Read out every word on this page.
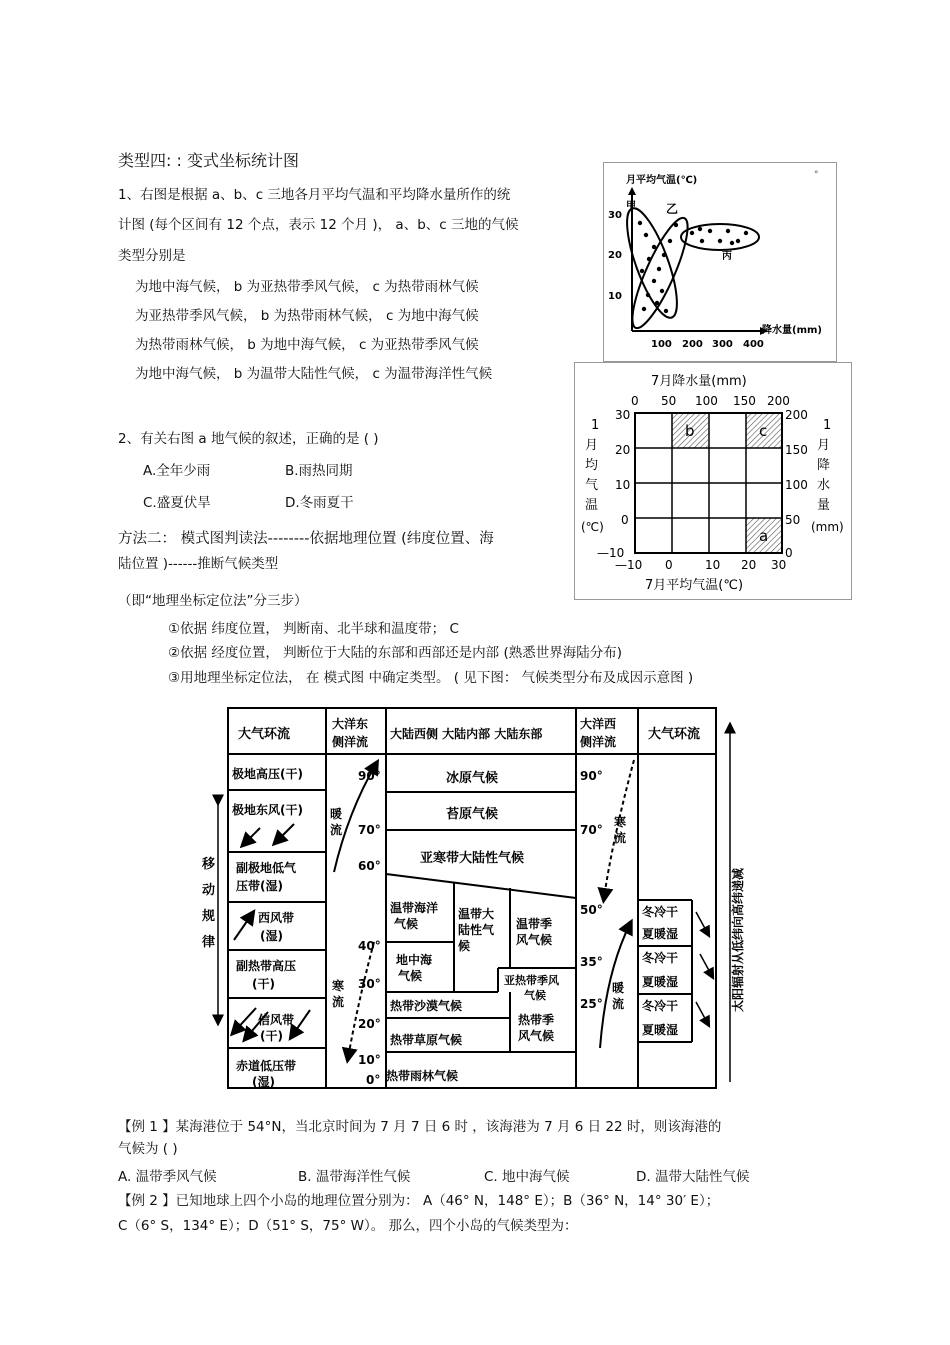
类型四: : 变式坐标统计图
1、右图是根据 a、b、c 三地各月平均气温和平均降水量所作的统
计图 (每个区间有 12 个点，表示 12 个月 )， a、b、c 三地的气候
类型分别是
为地中海气候， b 为亚热带季风气候， c 为热带雨林气候
为亚热带季风气候， b 为热带雨林气候， c 为地中海气候
为热带雨林气候， b 为地中海气候， c 为亚热带季风气候
为地中海气候， b 为温带大陆性气候， c 为温带海洋性气候
2、有关右图 a 地气候的叙述，正确的是 ( )
A.全年少雨	B.雨热同期
C.盛夏伏旱	D.冬雨夏干
方法二： 模式图判读法--------依据地理位置 (纬度位置、海
陆位置 )------推断气候类型
（即“地理坐标定位法”分三步）
①依据 纬度位置， 判断南、北半球和温度带； C
②依据 经度位置， 判断位于大陆的东部和西部还是内部 (熟悉世界海陆分布)
③用地理坐标定位法， 在 模式图 中确定类型。 ( 见下图： 气候类型分布及成因示意图 )
月平均气温(℃)	°
10
20
30
100 200 300 400
降水量(mm)
甲	乙
丙
7月降水量(mm)
0 50 100 150 200
b	c
a
30
20
10
0
—10
1
月
均
气
温
(℃)
200
150
100
50
0
1
月
降
水
量
(mm)
—10 0	10 20 30
7月平均气温(℃)
大气环流
大洋东
侧洋流
大陆西侧 大陆内部 大陆东部
大洋西
侧洋流 大气环流
极地高压(干)
极地东风(干)
副极地低气
压带(湿)
西风带
(湿)
副热带高压
(干)
信风带
(干)
赤道低压带
(湿)
移
动
规
律
暖
流
寒
流
90°
70°
60°
40°
30°
20°
10°
0°
冰原气候
苔原气候
亚寒带大陆性气候
温带海洋
气候
温带大
陆性气
候
温带季
风气候
地中海
气候	亚热带季风
气候
热带沙漠气候
热带草原气候
热带季
风气候
热带雨林气候
90°
70°
50°
35°
25°
寒
流
暖
流
冬冷干
夏暖湿
冬冷干
夏暖湿
冬冷干
夏暖湿
太阳辐射从低纬向高纬递减
【例 1 】某海港位于 54°N，当北京时间为 7 月 7 日 6 时 ，该海港为 7 月 6 日 22 时，则该海港的
气候为 ( )
A. 温带季风气候	B. 温带海洋性气候	C. 地中海气候	D. 温带大陆性气候
【例 2 】已知地球上四个小岛的地理位置分别为： A（46° N，148° E）；B（36° N，14° 30′ E）；
C（6° S，134° E）；D（51° S，75° W）。 那么，四个小岛的气候类型为：
